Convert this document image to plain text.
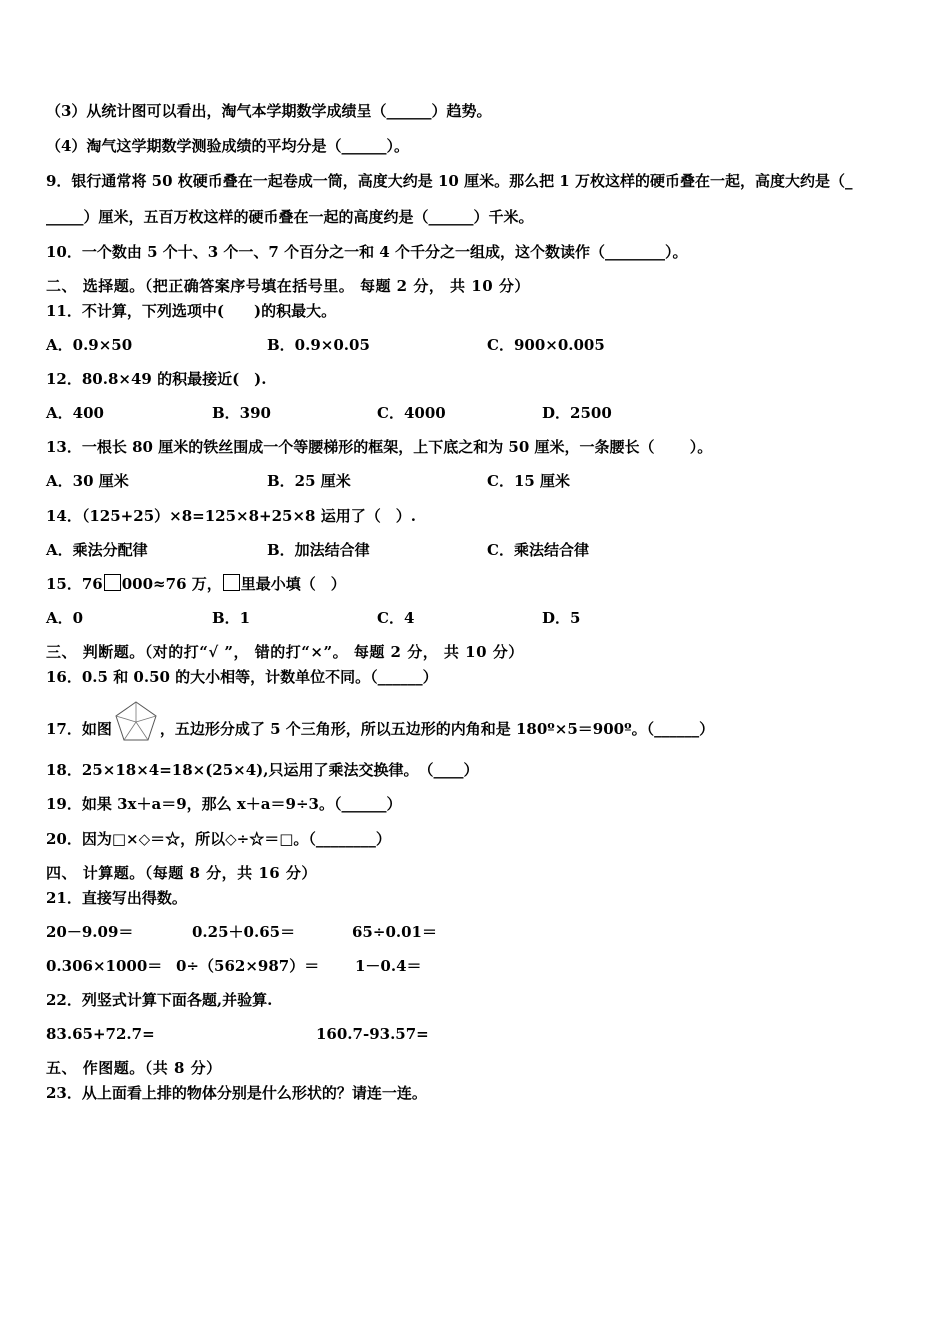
（3）从统计图可以看出，淘气本学期数学成绩呈（______）趋势。
（4）淘气这学期数学测验成绩的平均分是（______）。
9．银行通常将 50 枚硬币叠在一起卷成一筒，高度大约是 10 厘米。那么把 1 万枚这样的硬币叠在一起，高度大约是（_
_____）厘米，五百万枚这样的硬币叠在一起的高度约是（______）千米。
10．一个数由 5 个十、3 个一、7 个百分之一和 4 个千分之一组成，这个数读作（________）。
二、 选择题。（把正确答案序号填在括号里。 每题 2 分， 共 10 分）
11．不计算，下列选项中(　　)的积最大。
A．0.9×50	B．0.9×0.05	C．900×0.005
12．80.8×49 的积最接近(　).
A．400	B．390	C．4000	D．2500
13．一根长 80 厘米的铁丝围成一个等腰梯形的框架，上下底之和为 50 厘米，一条腰长（　　 ）。
A．30 厘米	B．25 厘米	C．15 厘米
14．（125+25）×8=125×8+25×8 运用了（　）.
A．乘法分配律	B．加法结合律	C．乘法结合律
15．76 000≈76 万， 里最小填（　）
A．0	B．1	C．4	D．5
三、 判断题。（对的打“√ ”， 错的打“×”。 每题 2 分， 共 10 分）
16．0.5 和 0.50 的大小相等，计数单位不同。（______）
17．如图	，五边形分成了 5 个三角形，所以五边形的内角和是 180º×5＝900º。（______）
18．25×18×4=18×(25×4),只运用了乘法交换律。　（____）
19．如果 3x＋a＝9，那么 x＋a＝9÷3。（______）
20．因为□×◇＝☆，所以◇÷☆＝□。（________）
四、 计算题。（每题 8 分，共 16 分）
21．直接写出得数。
20－9.09＝	0.25＋0.65＝	65÷0.01＝
0.306×1000＝ 0÷（562×987）＝ 1－0.4＝
22．列竖式计算下面各题,并验算.
83.65+72.7=	160.7-93.57=
五、 作图题。（共 8 分）
23．从上面看上排的物体分别是什么形状的？请连一连。
